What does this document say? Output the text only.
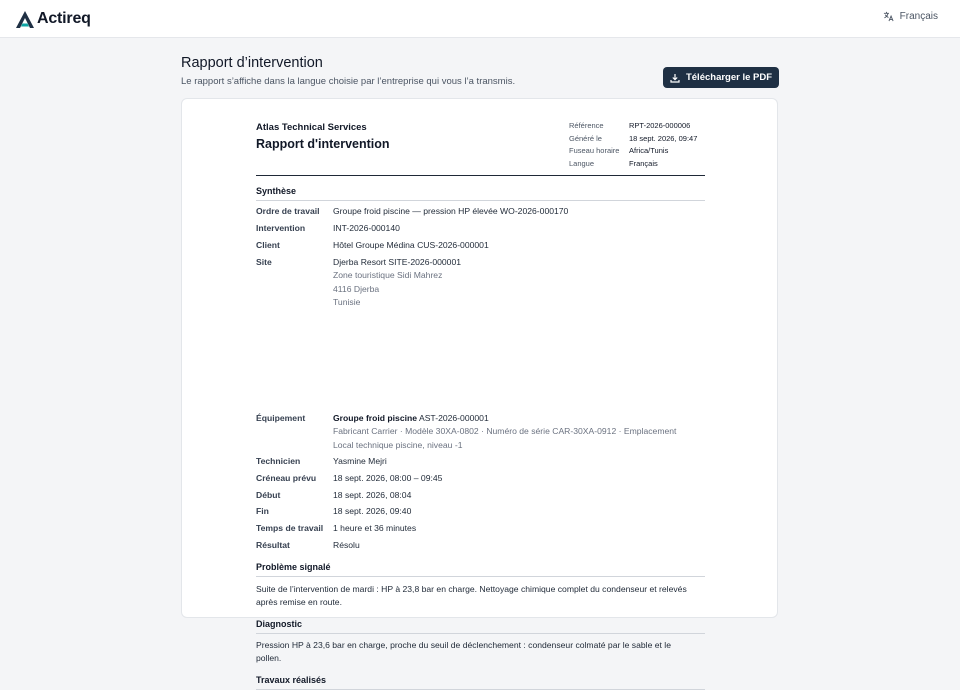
Actireq	Français
Rapport d’intervention

Le rapport s’affiche dans la langue choisie par l’entreprise qui vous l’a transmis.	Télécharger le PDF
Atlas Technical Services
Rapport d'intervention
Référence	RPT-2026-000006
Généré le	18 sept. 2026, 09:47
Fuseau horaire	Africa/Tunis
Langue	Français
Synthèse
Ordre de travail	Groupe froid piscine — pression HP élevée WO-2026-000170
Intervention	INT-2026-000140
Client	Hôtel Groupe Médina CUS-2026-000001
Site	Djerba Resort SITE-2026-000001
Zone touristique Sidi Mahrez
4116 Djerba
Tunisie
Équipement	Groupe froid piscine AST-2026-000001
Fabricant Carrier · Modèle 30XA-0802 · Numéro de série CAR-30XA-0912 · Emplacement
Local technique piscine, niveau -1
Technicien	Yasmine Mejri
Créneau prévu	18 sept. 2026, 08:00 – 09:45
Début	18 sept. 2026, 08:04
Fin	18 sept. 2026, 09:40
Temps de travail	1 heure et 36 minutes
Résultat	Résolu
Problème signalé
Suite de l’intervention de mardi : HP à 23,8 bar en charge. Nettoyage chimique complet du condenseur et relevés
après remise en route.
Diagnostic
Pression HP à 23,6 bar en charge, proche du seuil de déclenchement : condenseur colmaté par le sable et le
pollen.
Travaux réalisés
